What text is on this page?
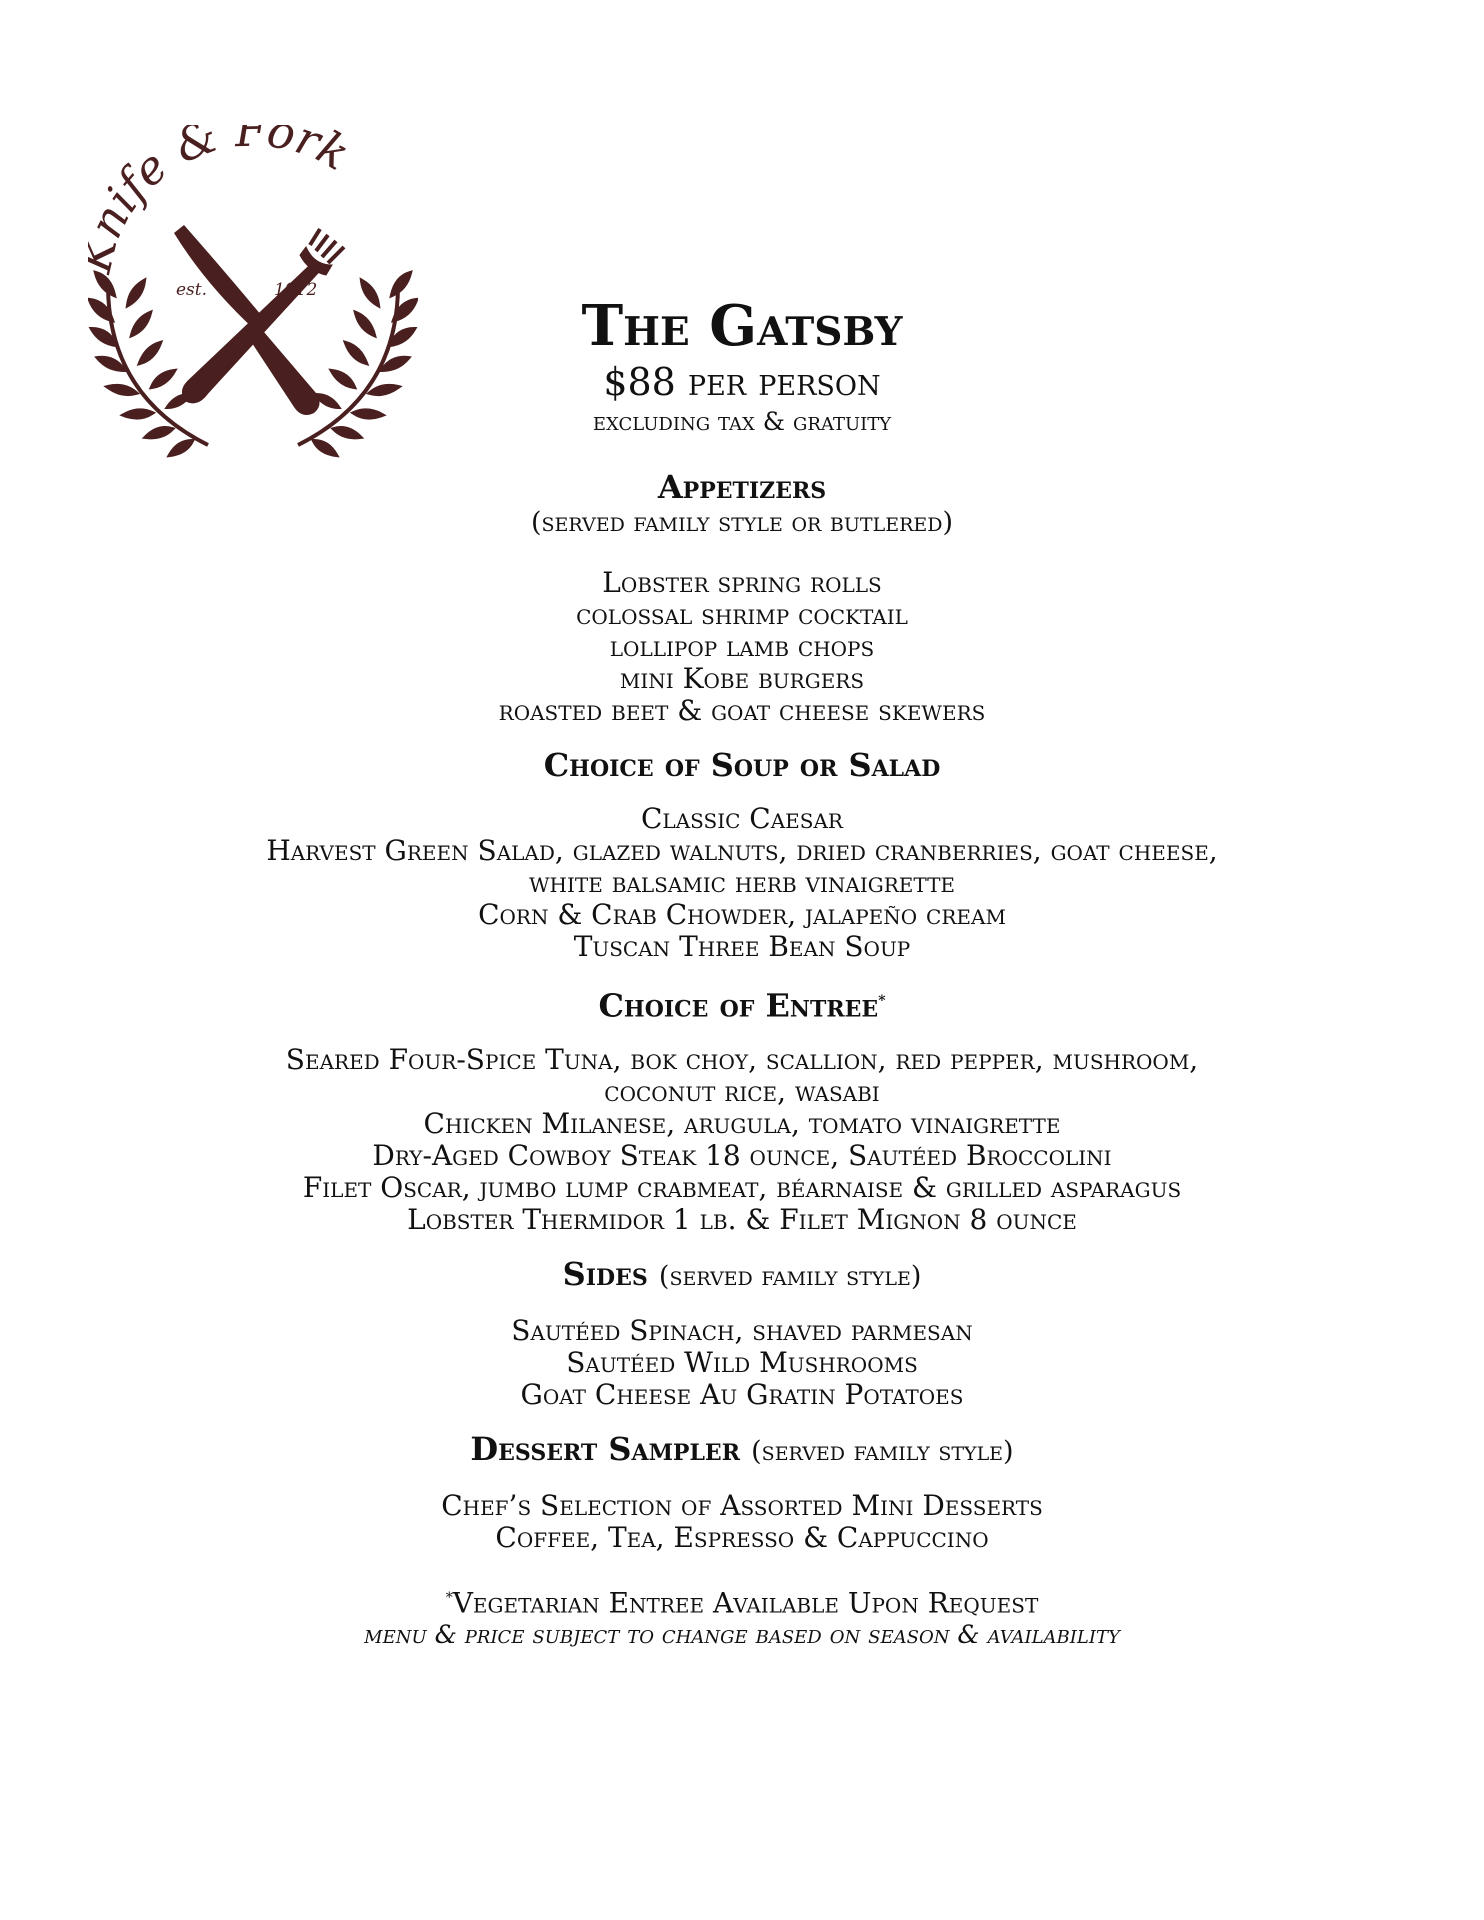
ife & Fork
est.	1912
The Gatsby
$88 per person
excluding tax & gratuity
Appetizers
(served family style or butlered)
Lobster spring rolls
colossal shrimp cocktail
lollipop lamb chops
mini Kobe burgers
roasted beet & goat cheese skewers
Choice of Soup or Salad
Classic Caesar
Harvest Green Salad, glazed walnuts, dried cranberries, goat cheese,
white balsamic herb vinaigrette
Corn & Crab Chowder, jalapeño cream
Tuscan Three Bean Soup
Choice of Entree*
Seared Four-Spice Tuna, bok choy, scallion, red pepper, mushroom,
coconut rice, wasabi
Chicken Milanese, arugula, tomato vinaigrette
Dry-Aged Cowboy Steak 18 ounce, Sautéed Broccolini
Filet Oscar, jumbo lump crabmeat, béarnaise & grilled asparagus
Lobster Thermidor 1 lb. & Filet Mignon 8 ounce
Sides (served family style)
Sautéed Spinach, shaved parmesan
Sautéed Wild Mushrooms
Goat Cheese Au Gratin Potatoes
Dessert Sampler (served family style)
Chef’s Selection of Assorted Mini Desserts
Coffee, Tea, Espresso & Cappuccino
*Vegetarian Entree Available Upon Request
menu & price subject to change based on season & availability
